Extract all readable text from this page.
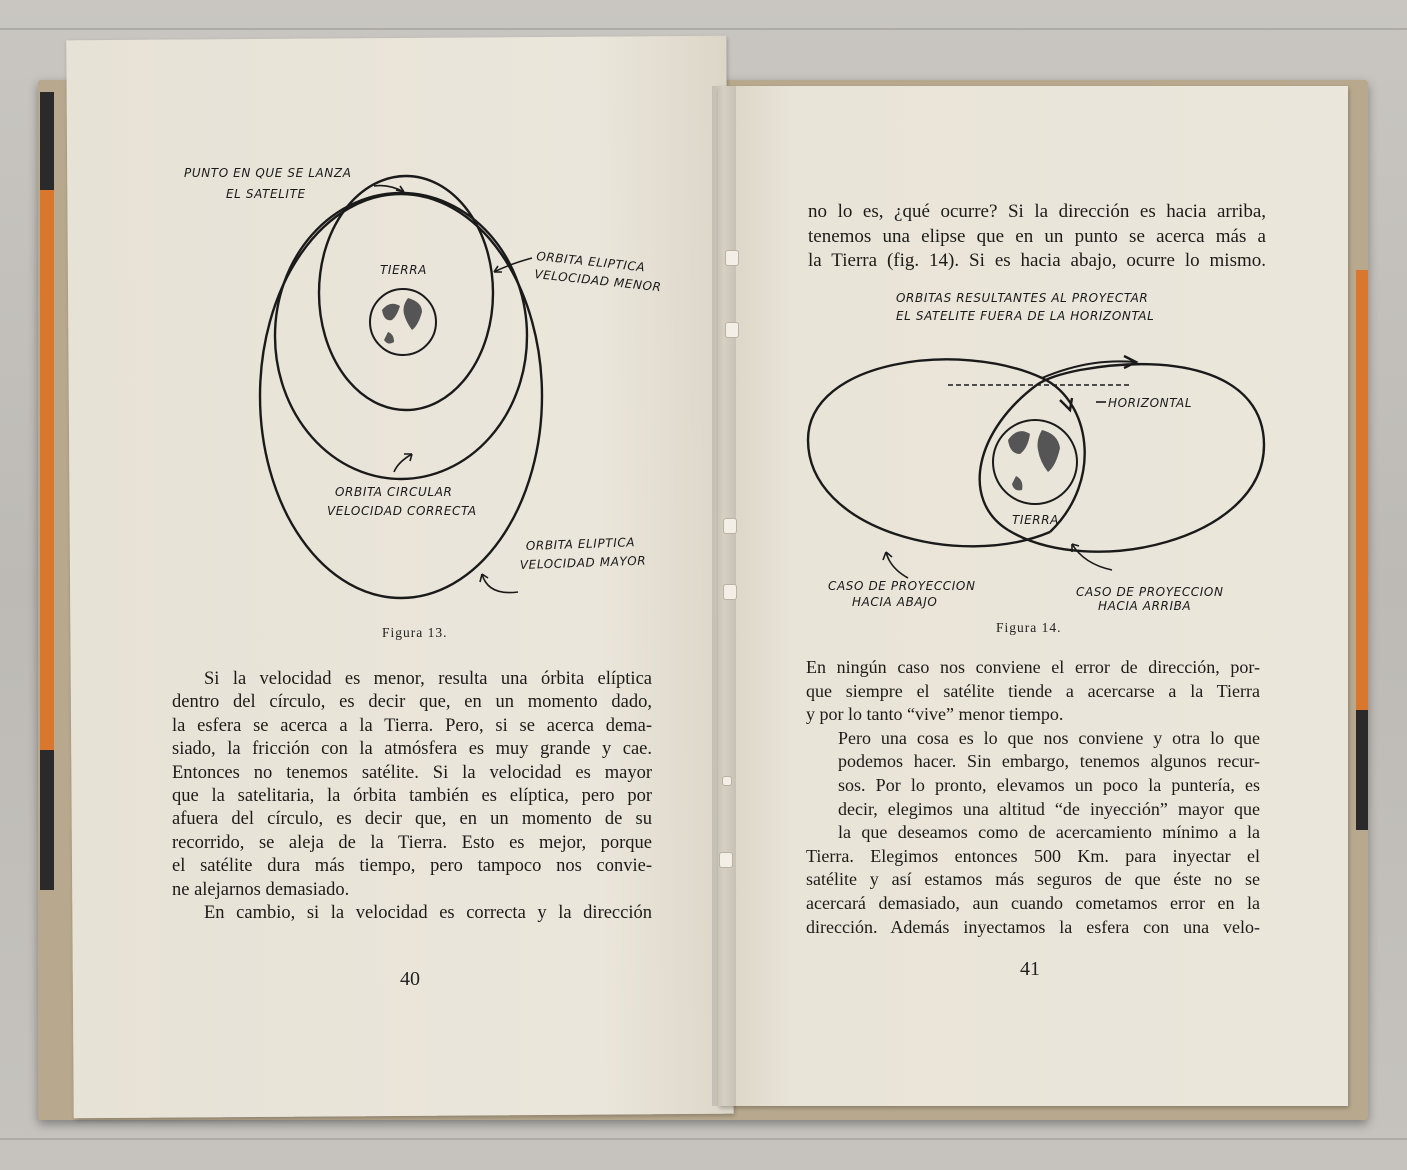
PUNTO EN QUE SE LANZA
EL SATELITE
TIERRA	ORBITA ELIPTICA
VELOCIDAD MENOR
ORBITA CIRCULAR
VELOCIDAD CORRECTA
ORBITA ELIPTICA
VELOCIDAD MAYOR
Figura 13.
Si la velocidad es menor, resulta una órbita elíptica
dentro del círculo, es decir que, en un momento dado,
la esfera se acerca a la Tierra. Pero, si se acerca dema-
siado, la fricción con la atmósfera es muy grande y cae.
Entonces no tenemos satélite. Si la velocidad es mayor
que la satelitaria, la órbita también es elíptica, pero por
afuera del círculo, es decir que, en un momento de su
recorrido, se aleja de la Tierra. Esto es mejor, porque
el satélite dura más tiempo, pero tampoco nos convie-
ne alejarnos demasiado.
En cambio, si la velocidad es correcta y la dirección
40
no lo es, ¿qué ocurre? Si la dirección es hacia arriba,
tenemos una elipse que en un punto se acerca más a
la Tierra (fig. 14). Si es hacia abajo, ocurre lo mismo.
ORBITAS RESULTANTES AL PROYECTAR
EL SATELITE FUERA DE LA HORIZONTAL
HORIZONTAL
TIERRA
CASO DE PROYECCION
HACIA ABAJO
CASO DE PROYECCION
HACIA ARRIBA
Figura 14.
En ningún caso nos conviene el error de dirección, por-
que siempre el satélite tiende a acercarse a la Tierra
y por lo tanto “vive” menor tiempo.
Pero una cosa es lo que nos conviene y otra lo que
podemos hacer. Sin embargo, tenemos algunos recur-
sos. Por lo pronto, elevamos un poco la puntería, es
decir, elegimos una altitud “de inyección” mayor que
la que deseamos como de acercamiento mínimo a la
Tierra. Elegimos entonces 500 Km. para inyectar el
satélite y así estamos más seguros de que éste no se
acercará demasiado, aun cuando cometamos error en la
dirección. Además inyectamos la esfera con una velo-
41
